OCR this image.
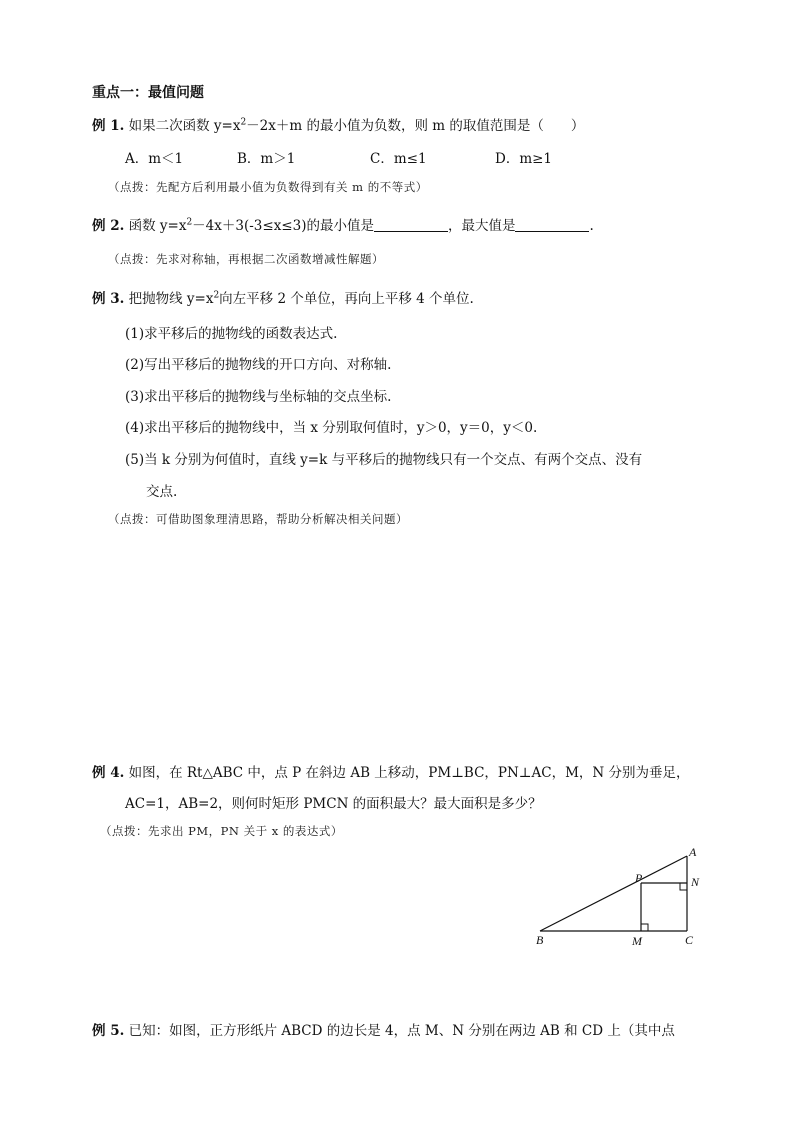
重点一：最值问题
例 1. 如果二次函数 $y=x^2-2x+m$ 的最小值为负数，则 m 的取值范围是（　　）
A．m＜1	B．m＞1	C．m≤1	D．m≥1
（点拨：先配方后利用最小值为负数得到有关 m 的不等式）
例 2. 函数 $y=x^2-4x+3(-3\le x\le 3)$的最小值是	，最大值是	.
（点拨：先求对称轴，再根据二次函数增减性解题）
例 3. 把抛物线 $y=x^2$向左平移 2 个单位，再向上平移 4 个单位.
(1)求平移后的抛物线的函数表达式.
(2)写出平移后的抛物线的开口方向、对称轴.
(3)求出平移后的抛物线与坐标轴的交点坐标.
(4)求出平移后的抛物线中，当 x 分别取何值时，y＞0，y＝0，y＜0.
(5)当 k 分别为何值时，直线 y=k 与平移后的抛物线只有一个交点、有两个交点、没有
交点.
（点拨：可借助图象理清思路，帮助分析解决相关问题）
例 4. 如图，在 Rt△ABC 中，点 P 在斜边 AB 上移动，PM⊥BC，PN⊥AC，M，N 分别为垂足，
AC=1，AB=2，则何时矩形 PMCN 的面积最大？最大面积是多少？
（点拨：先求出 PM，PN 关于 x 的表达式）
A
B	C
P
M
N
例 5. 已知：如图，正方形纸片 ABCD 的边长是 4，点 M、N 分别在两边 AB 和 CD 上（其中点
